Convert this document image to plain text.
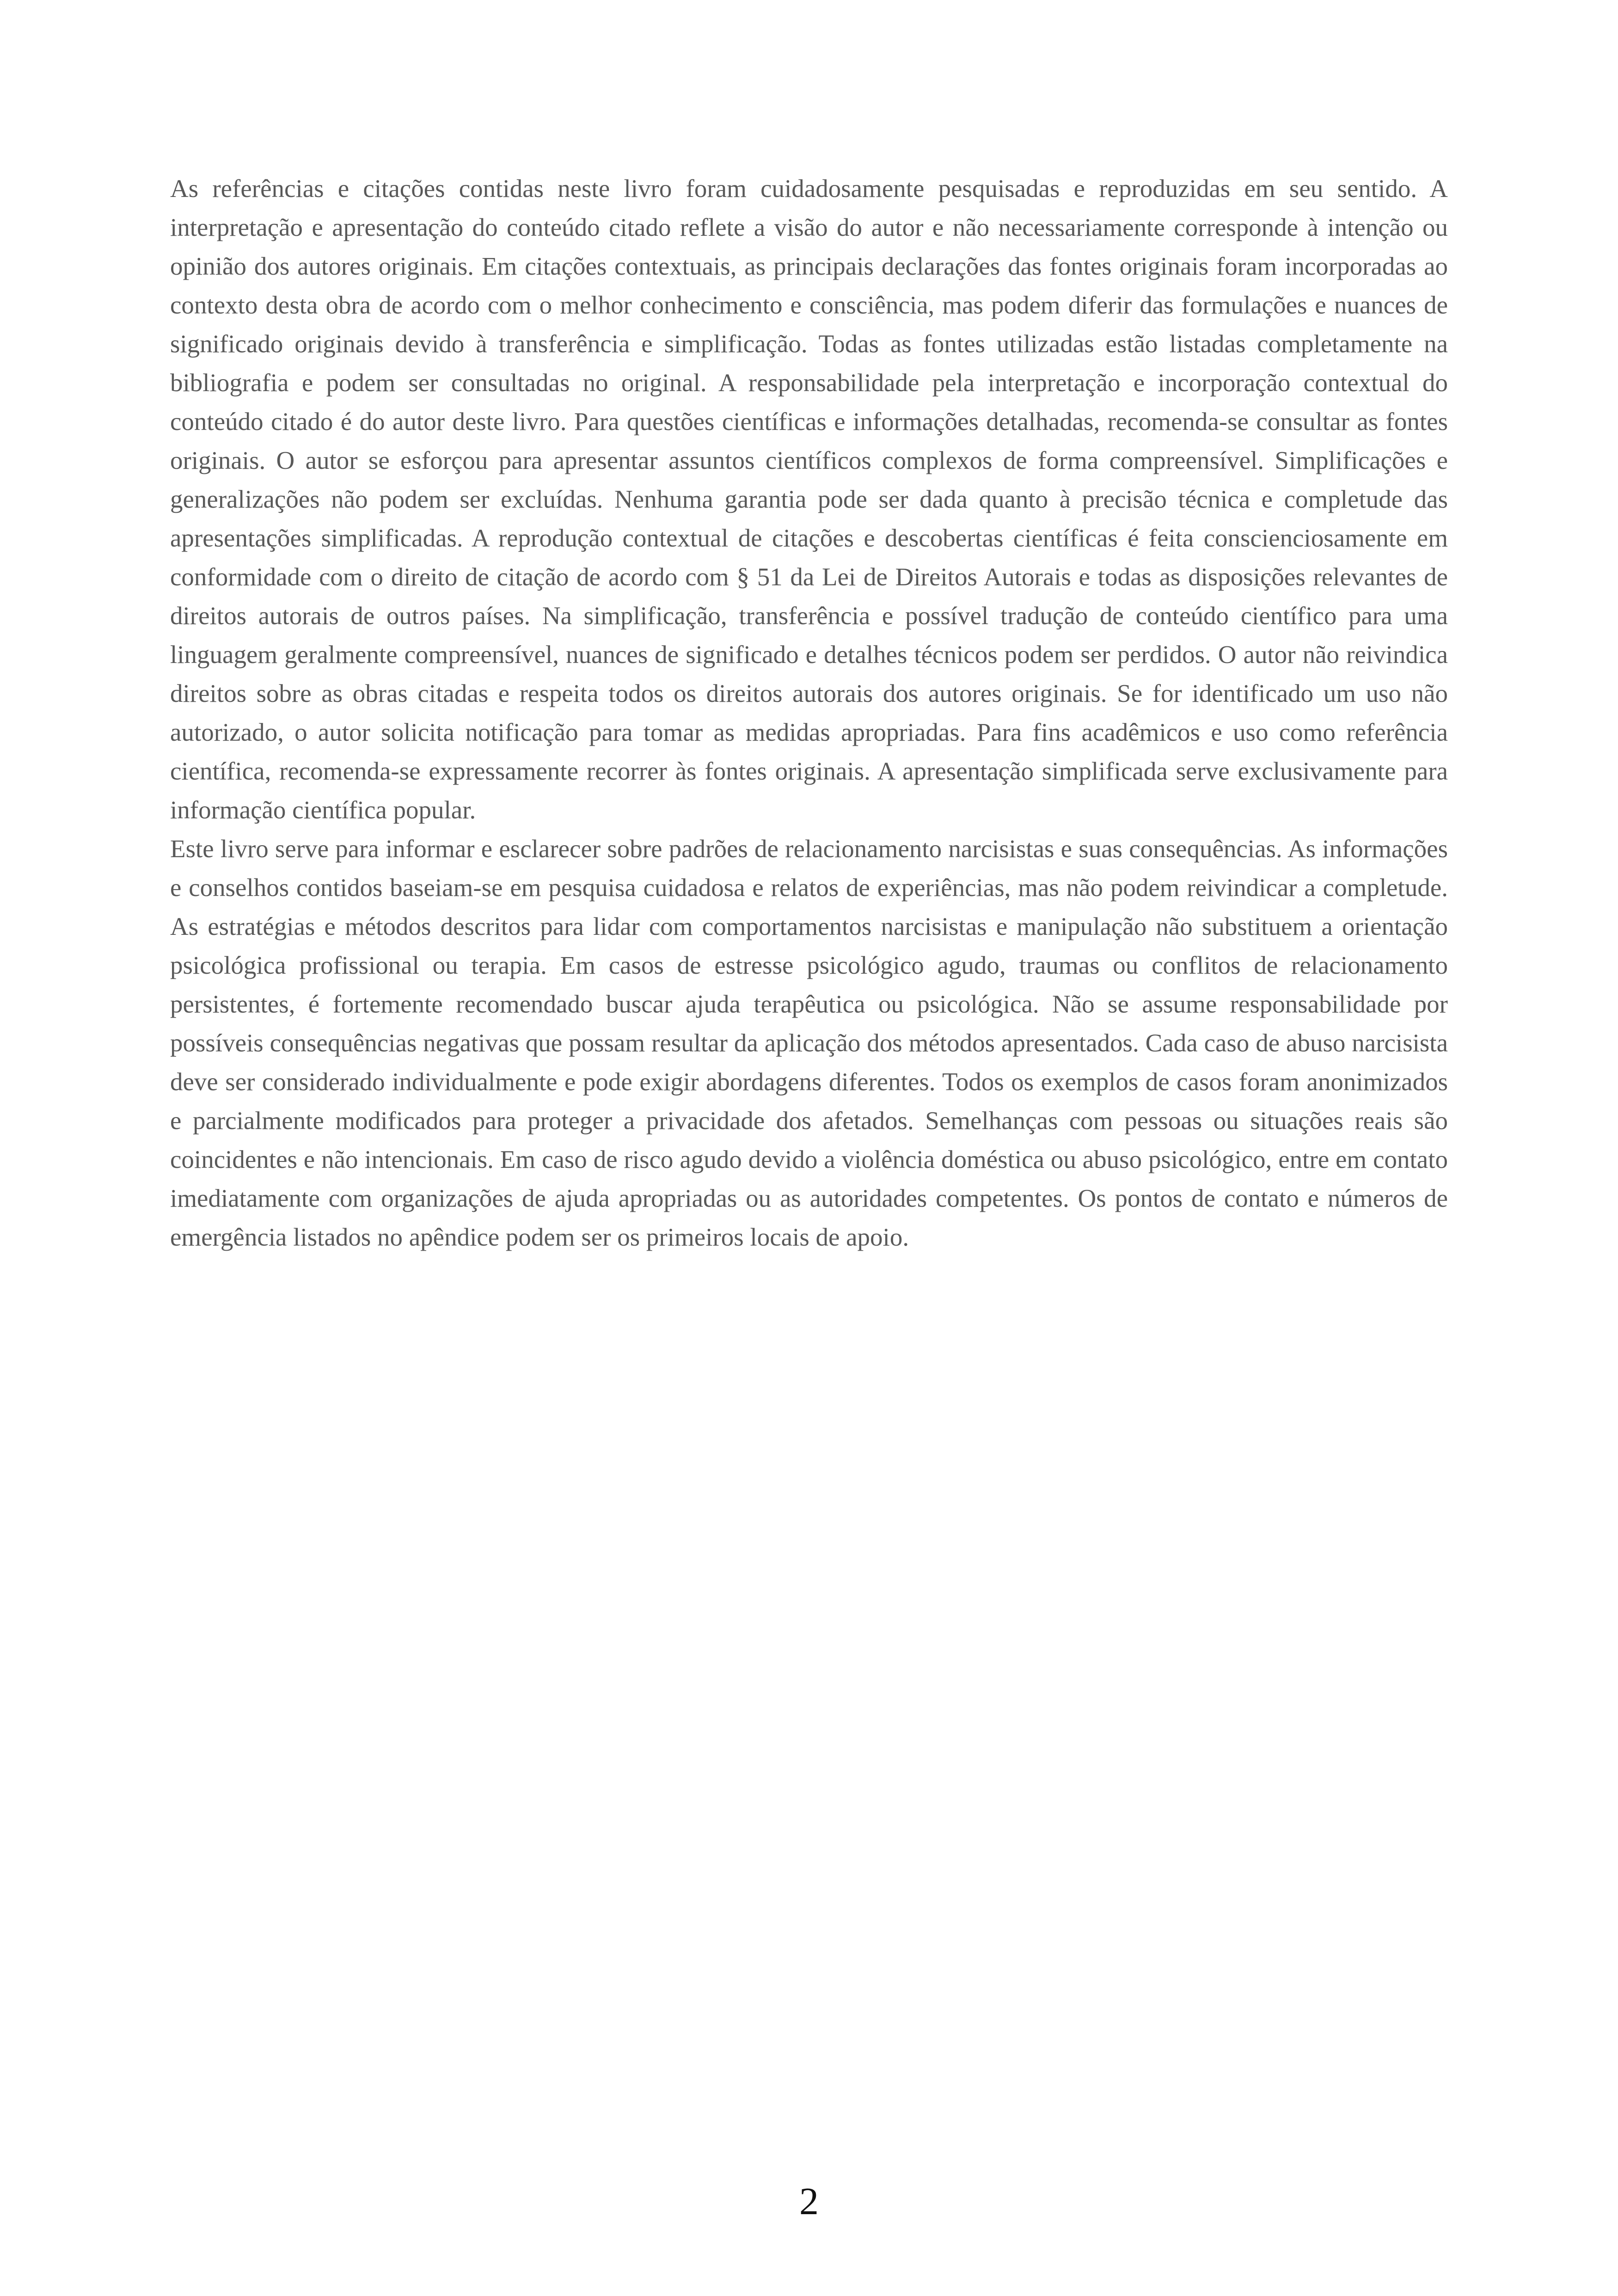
As referências e citações contidas neste livro foram cuidadosamente pesquisadas e reproduzidas em seu sentido. A interpretação e apresentação do conteúdo citado reflete a visão do autor e não necessariamente corresponde à intenção ou opinião dos autores originais. Em citações contextuais, as principais declarações das fontes originais foram incorporadas ao contexto desta obra de acordo com o melhor conhecimento e consciência, mas podem diferir das formulações e nuances de significado originais devido à transferência e simplificação. Todas as fontes utilizadas estão listadas completamente na bibliografia e podem ser consultadas no original. A responsabilidade pela interpretação e incorporação contextual do conteúdo citado é do autor deste livro. Para questões científicas e informações detalhadas, recomenda-se consultar as fontes originais. O autor se esforçou para apresentar assuntos científicos complexos de forma compreensível. Simplificações e generalizações não podem ser excluídas. Nenhuma garantia pode ser dada quanto à precisão técnica e completude das apresentações simplificadas. A reprodução contextual de citações e descobertas científicas é feita conscienciosamente em conformidade com o direito de citação de acordo com § 51 da Lei de Direitos Autorais e todas as disposições relevantes de direitos autorais de outros países. Na simplificação, transferência e possível tradução de conteúdo científico para uma linguagem geralmente compreensível, nuances de significado e detalhes técnicos podem ser perdidos. O autor não reivindica direitos sobre as obras citadas e respeita todos os direitos autorais dos autores originais. Se for identificado um uso não autorizado, o autor solicita notificação para tomar as medidas apropriadas. Para fins acadêmicos e uso como referência científica, recomenda-se expressamente recorrer às fontes originais. A apresentação simplificada serve exclusivamente para informação científica popular.

Este livro serve para informar e esclarecer sobre padrões de relacionamento narcisistas e suas consequências. As informações e conselhos contidos baseiam-se em pesquisa cuidadosa e relatos de experiências, mas não podem reivindicar a completude. As estratégias e métodos descritos para lidar com comportamentos narcisistas e manipulação não substituem a orientação psicológica profissional ou terapia. Em casos de estresse psicológico agudo, traumas ou conflitos de relacionamento persistentes, é fortemente recomendado buscar ajuda terapêutica ou psicológica. Não se assume responsabilidade por possíveis consequências negativas que possam resultar da aplicação dos métodos apresentados. Cada caso de abuso narcisista deve ser considerado individualmente e pode exigir abordagens diferentes. Todos os exemplos de casos foram anonimizados e parcialmente modificados para proteger a privacidade dos afetados. Semelhanças com pessoas ou situações reais são coincidentes e não intencionais. Em caso de risco agudo devido a violência doméstica ou abuso psicológico, entre em contato imediatamente com organizações de ajuda apropriadas ou as autoridades competentes. Os pontos de contato e números de emergência listados no apêndice podem ser os primeiros locais de apoio.

2
